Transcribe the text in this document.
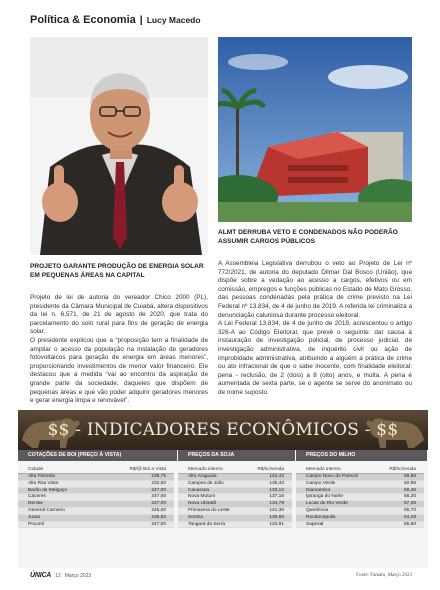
Política & Economia | Lucy Macedo
PROJETO GARANTE PRODUÇÃO DE ENERGIA SOLAR EM PEQUENAS ÁREAS NA CAPITAL
ALMT DERRUBA VETO E CONDENADOS NÃO PODERÃO ASSUMIR CARGOS PÚBLICOS

Projeto de lei de autoria do vereador Chico 2000 (PL), presidente da Câmara Municipal de Cuiabá, altera dispositivos da lei n. 6.571, de 21 de agosto de 2020, que trata do parcelamento do solo rural para fins de geração de energia solar.

O presidente explicou que a “proposição tem a finalidade de ampliar o acesso da população na instalação de geradores fotovoltaicos para geração de energia em áreas menores”, proporcionando investimentos de menor valor financeiro. Ele destacou que a medida “vai ao encontro da aspiração de grande parte da sociedade, daqueles que dispõem de pequenas áreas e que vão poder adquirir geradores menores e gerar energia limpa e renovável”.

A Assembleia Legislativa derrubou o veto ao Projeto de Lei nº 772/2021, de autoria do deputado Dilmar Dal Bosco (União), que dispõe sobre a vedação ao acesso a cargos, efetivos ou em comissão, empregos e funções públicas no Estado de Mato Grosso, das pessoas condenadas pela prática de crime previsto na Lei Federal nº 13.834, de 4 de junho de 2019. A referida lei criminaliza a denunciação caluniosa durante processo eleitoral.

A Lei Federal 13.834, de 4 de junho de 2019, acrescentou o artigo 326-A ao Código Eleitoral, que prevê o seguinte: dar causa à instauração de investigação policial, de processo judicial, de investigação administrativa, de inquérito civil ou ação de improbidade administrativa, atribuindo a alguém a prática de crime ou ato infracional de que o sabe inocente, com finalidade eleitoral: pena - reclusão, de 2 (dois) a 8 (oito) anos, e multa. A pena é aumentada de sexta parte, se o agente se serve do anonimato ou de nome suposto.

$$ - INDICADORES ECONÔMICOS - $$
COTAÇÕES DE BOI (PREÇO À VISTA)
Cidade	R$/@ Boi a Vista
Alta Floresta	238,75
Alto Rsa Vista	232,50
Barão de Melgaço	247,00
Cáceres	247,00
Denise	247,00
General Carneiro	245,00
Juara	235,83
Poconé	247,00
PREÇOS DA SOJA
Mercado interno	R$/sc/venda
Alto Araguaia	142,42
Campos de Júlio	135,43
Canarana	133,12
Nova Mutum	137,16
Nova Ubiratã	134,79
Primavera do Leste	141,36
Sorriso	136,50
Tangará da Serra	133,91
PREÇOS DO MILHO
Mercado interno	R$/sc/venda
Campo Novo do Parecis	56,86
Campo Verde	62,95
Diamantino	58,45
Ipiranga do Norte	56,20
Lucas do Rio Verde	57,36
Querência	55,70
Rondonópolis	64,28
Sapezal	55,90
ÚNICA 12 Março 2023	Fonte: Famato, Março 2023
